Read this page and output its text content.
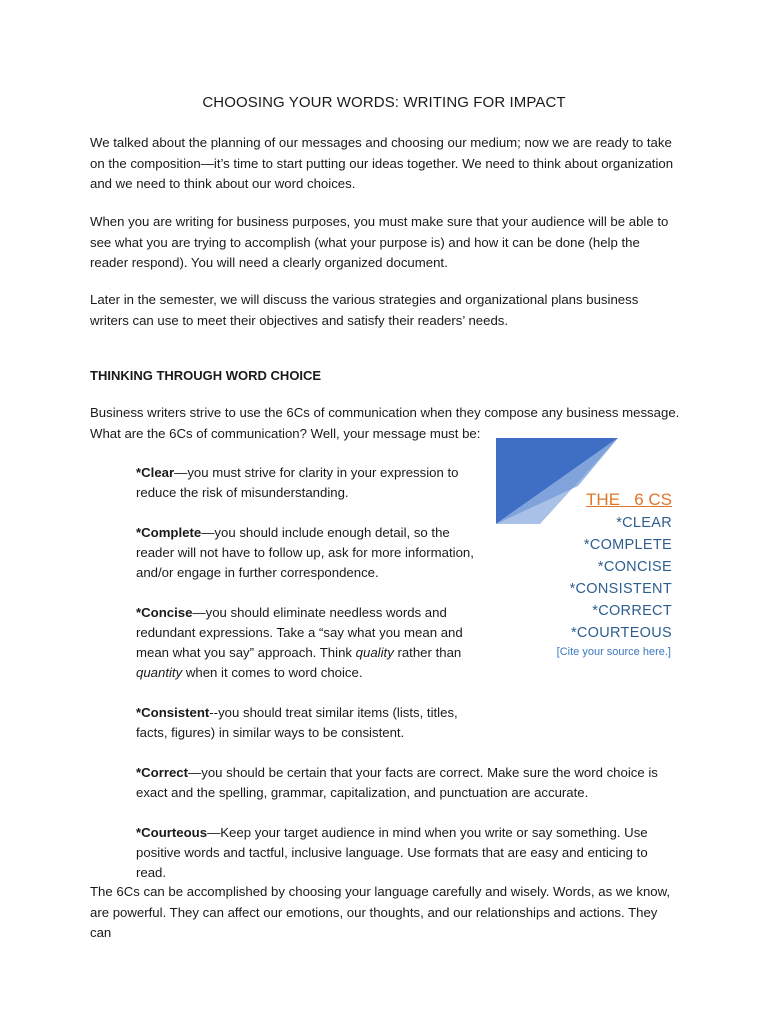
CHOOSING YOUR WORDS: WRITING FOR IMPACT

We talked about the planning of our messages and choosing our medium; now we are ready to take on the composition—it’s time to start putting our ideas together. We need to think about organization and we need to think about our word choices.

When you are writing for business purposes, you must make sure that your audience will be able to see what you are trying to accomplish (what your purpose is) and how it can be done (help the reader respond). You will need a clearly organized document.

Later in the semester, we will discuss the various strategies and organizational plans business writers can use to meet their objectives and satisfy their readers’ needs.

THINKING THROUGH WORD CHOICE

Business writers strive to use the 6Cs of communication when they compose any business message. What are the 6Cs of communication? Well, your message must be:

*Clear—you must strive for clarity in your expression to reduce the risk of misunderstanding.

*Complete—you should include enough detail, so the reader will not have to follow up, ask for more information, and/or engage in further correspondence.

*Concise—you should eliminate needless words and redundant expressions. Take a “say what you mean and mean what you say” approach. Think quality rather than quantity when it comes to word choice.

*Consistent--you should treat similar items (lists, titles, facts, figures) in similar ways to be consistent.

*Correct—you should be certain that your facts are correct. Make sure the word choice is exact and the spelling, grammar, capitalization, and punctuation are accurate.

*Courteous—Keep your target audience in mind when you write or say something. Use positive words and tactful, inclusive language. Use formats that are easy and enticing to read.

The 6Cs can be accomplished by choosing your language carefully and wisely. Words, as we know, are powerful. They can affect our emotions, our thoughts, and our relationships and actions. They can

THE   6 CS
*CLEAR
*COMPLETE
*CONCISE
*CONSISTENT
*CORRECT
*COURTEOUS
[Cite your source here.]
